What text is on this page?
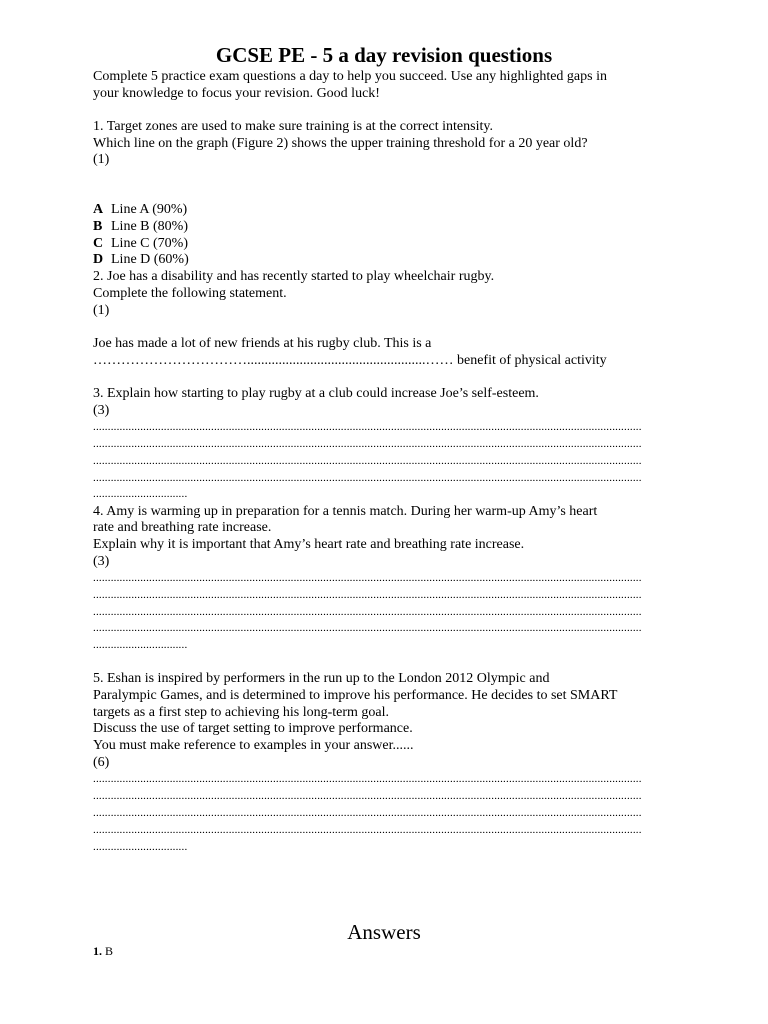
GCSE PE - 5 a day revision questions
Complete 5 practice exam questions a day to help you succeed. Use any highlighted gaps in
your knowledge to focus your revision. Good luck!
1. Target zones are used to make sure training is at the correct intensity.
Which line on the graph (Figure 2) shows the upper training threshold for a 20 year old?
(1)
A Line A (90%)
B Line B (80%)
C Line C (70%)
D Line D (60%)
2. Joe has a disability and has recently started to play wheelchair rugby.
Complete the following statement.
(1)
Joe has made a lot of new friends at his rugby club. This is a
……………………………...................................................…… benefit of physical activity
3. Explain how starting to play rugby at a club could increase Joe’s self-esteem.
(3)
..........................................................................................................................................................................................
..........................................................................................................................................................................................
..........................................................................................................................................................................................
..........................................................................................................................................................................................
................................
4. Amy is warming up in preparation for a tennis match. During her warm-up Amy’s heart
rate and breathing rate increase.
Explain why it is important that Amy’s heart rate and breathing rate increase.
(3)
..........................................................................................................................................................................................
..........................................................................................................................................................................................
..........................................................................................................................................................................................
..........................................................................................................................................................................................
................................
5. Eshan is inspired by performers in the run up to the London 2012 Olympic and
Paralympic Games, and is determined to improve his performance. He decides to set SMART
targets as a first step to achieving his long-term goal.
Discuss the use of target setting to improve performance.
You must make reference to examples in your answer......
(6)
..........................................................................................................................................................................................
..........................................................................................................................................................................................
..........................................................................................................................................................................................
..........................................................................................................................................................................................
................................
Answers
1. B
